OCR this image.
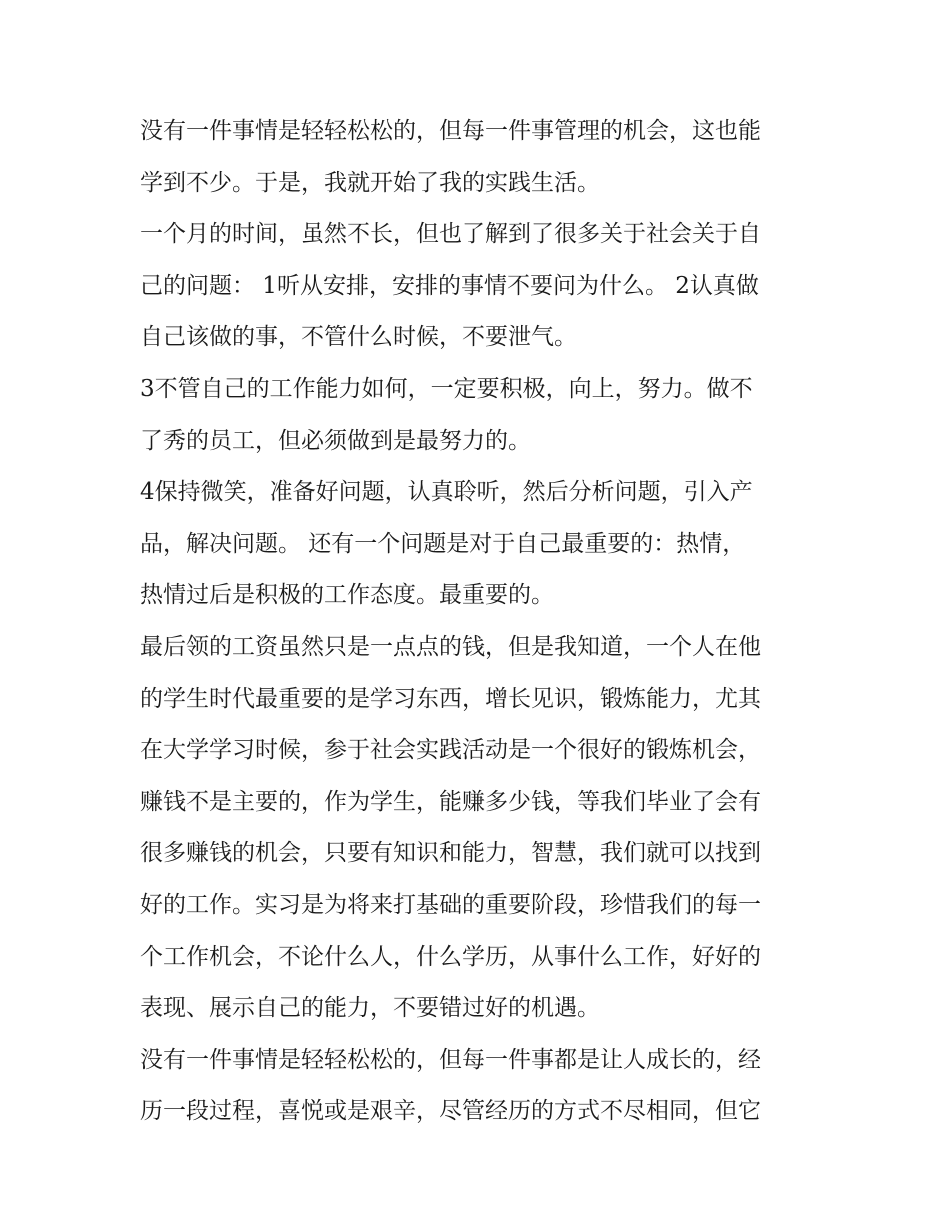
没有一件事情是轻轻松松的，但每一件事管理的机会，这也能
学到不少。于是，我就开始了我的实践生活。
一个月的时间，虽然不长，但也了解到了很多关于社会关于自
己的问题： 1听从安排，安排的事情不要问为什么。 2认真做
自己该做的事，不管什么时候，不要泄气。
3不管自己的工作能力如何，一定要积极，向上，努力。做不
了秀的员工，但必须做到是最努力的。
4保持微笑，准备好问题，认真聆听，然后分析问题，引入产
品，解决问题。 还有一个问题是对于自己最重要的：热情，
热情过后是积极的工作态度。最重要的。
最后领的工资虽然只是一点点的钱，但是我知道，一个人在他
的学生时代最重要的是学习东西，增长见识，锻炼能力，尤其
在大学学习时候，参于社会实践活动是一个很好的锻炼机会，
赚钱不是主要的，作为学生，能赚多少钱，等我们毕业了会有
很多赚钱的机会，只要有知识和能力，智慧，我们就可以找到
好的工作。实习是为将来打基础的重要阶段，珍惜我们的每一
个工作机会，不论什么人，什么学历，从事什么工作，好好的
表现、展示自己的能力，不要错过好的机遇。
没有一件事情是轻轻松松的，但每一件事都是让人成长的，经
历一段过程，喜悦或是艰辛，尽管经历的方式不尽相同，但它
